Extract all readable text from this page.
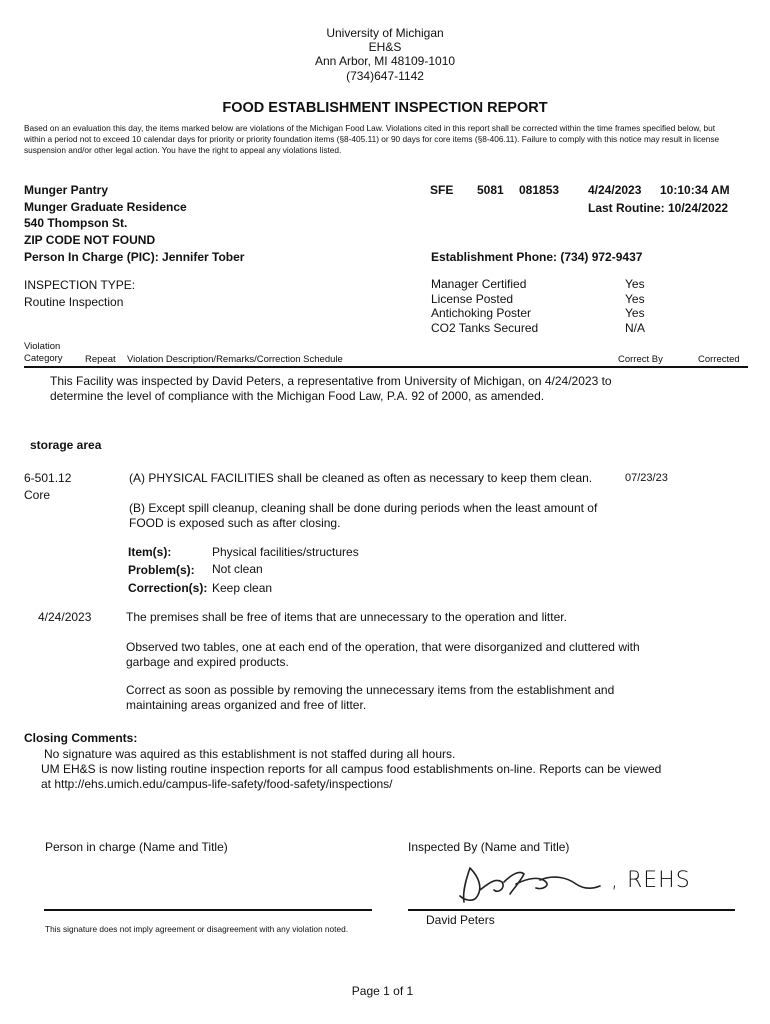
University of Michigan
EH&S
Ann Arbor, MI 48109-1010
(734)647-1142
FOOD ESTABLISHMENT INSPECTION REPORT
Based on an evaluation this day, the items marked below are violations of the Michigan Food Law. Violations cited in this report shall be corrected within the time frames specified below, but within a period not to exceed 10 calendar days for priority or priority foundation items (§8-405.11) or 90 days for core items (§8-406.11). Failure to comply with this notice may result in license suspension and/or other legal action. You have the right to appeal any violations listed.
Munger Pantry
Munger Graduate Residence
540 Thompson St.
ZIP CODE NOT FOUND
Person In Charge (PIC): Jennifer Tober
SFE 5081 081853 4/24/2023 10:10:34 AM
Last Routine: 10/24/2022
Establishment Phone: (734) 972-9437
INSPECTION TYPE:
Routine Inspection
Manager Certified	Yes
License Posted	Yes
Antichoking Poster	Yes
CO2 Tanks Secured	N/A
Violation
Category Repeat Violation Description/Remarks/Correction Schedule	Correct By	Corrected
This Facility was inspected by David Peters, a representative from University of Michigan, on 4/24/2023 to determine the level of compliance with the Michigan Food Law, P.A. 92 of 2000, as amended.
storage area
6-501.12
Core
(A) PHYSICAL FACILITIES shall be cleaned as often as necessary to keep them clean.
(B) Except spill cleanup, cleaning shall be done during periods when the least amount of FOOD is exposed such as after closing.
07/23/23
Item(s):	Physical facilities/structures
Problem(s): Not clean
Correction(s): Keep clean
4/24/2023	The premises shall be free of items that are unnecessary to the operation and litter.
Observed two tables, one at each end of the operation, that were disorganized and cluttered with garbage and expired products.
Correct as soon as possible by removing the unnecessary items from the establishment and maintaining areas organized and free of litter.
Closing Comments:
No signature was aquired as this establishment is not staffed during all hours.
UM EH&S is now listing routine inspection reports for all campus food establishments on-line. Reports can be viewed at http://ehs.umich.edu/campus-life-safety/food-safety/inspections/
Person in charge (Name and Title)	Inspected By (Name and Title)
, REHS
David Peters
This signature does not imply agreement or disagreement with any violation noted.
Page 1 of 1
